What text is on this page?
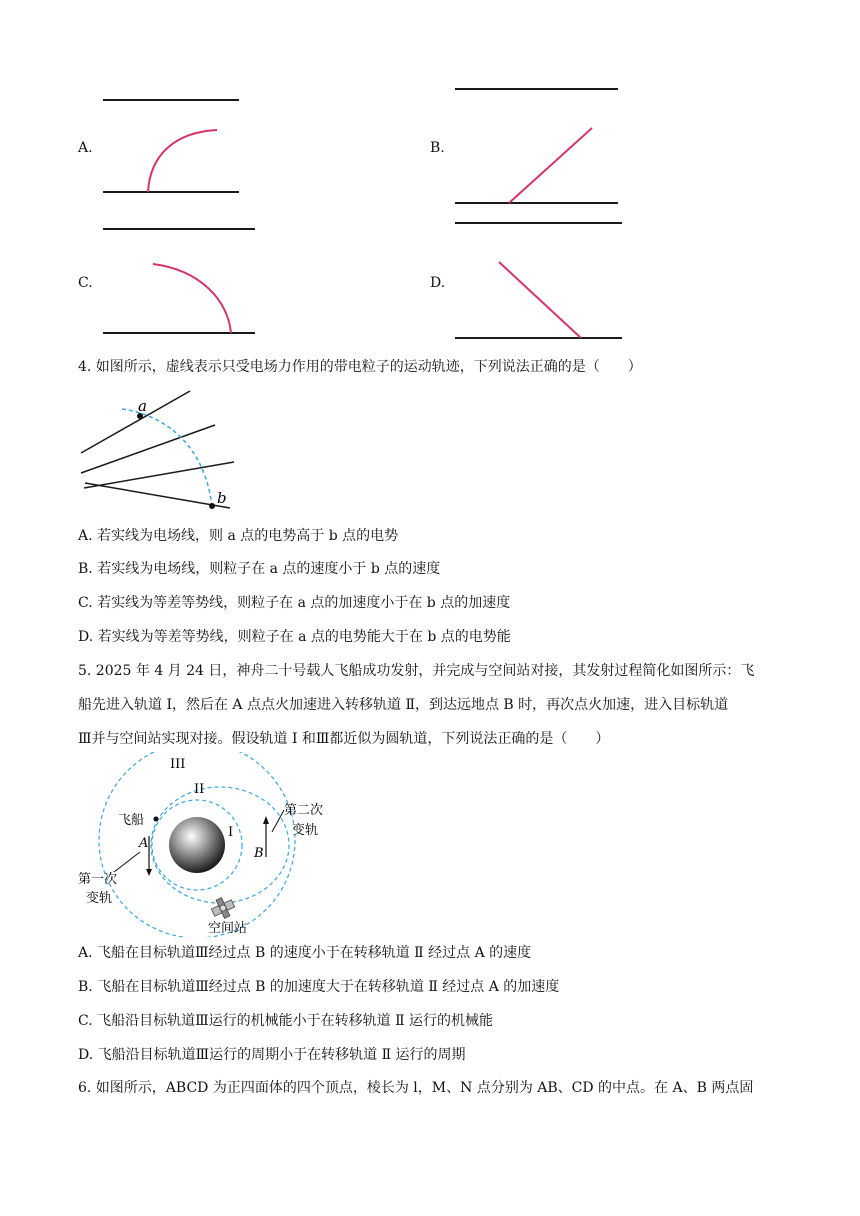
A.	B.
C.	D.
4. 如图所示，虚线表示只受电场力作用的带电粒子的运动轨迹，下列说法正确的是（　　）
a
b
A. 若实线为电场线，则 a 点的电势高于 b 点的电势
B. 若实线为电场线，则粒子在 a 点的速度小于 b 点的速度
C. 若实线为等差等势线，则粒子在 a 点的加速度小于在 b 点的加速度
D. 若实线为等差等势线，则粒子在 a 点的电势能大于在 b 点的电势能
5. 2025 年 4 月 24 日，神舟二十号载人飞船成功发射，并完成与空间站对接，其发射过程简化如图所示：飞
船先进入轨道 Ⅰ，然后在 A 点点火加速进入转移轨道 Ⅱ，到达远地点 B 时，再次点火加速，进入目标轨道
Ⅲ并与空间站实现对接。假设轨道 Ⅰ 和Ⅲ都近似为圆轨道，下列说法正确的是（　　）
III
II
I
飞船
A
第一次
变轨
B
第二次
变轨
空间站
A. 飞船在目标轨道Ⅲ经过点 B 的速度小于在转移轨道 Ⅱ 经过点 A 的速度
B. 飞船在目标轨道Ⅲ经过点 B 的加速度大于在转移轨道 Ⅱ 经过点 A 的加速度
C. 飞船沿目标轨道Ⅲ运行的机械能小于在转移轨道 Ⅱ 运行的机械能
D. 飞船沿目标轨道Ⅲ运行的周期小于在转移轨道 Ⅱ 运行的周期
6. 如图所示，ABCD 为正四面体的四个顶点，棱长为 l，M、N 点分别为 AB、CD 的中点。在 A、B 两点固
